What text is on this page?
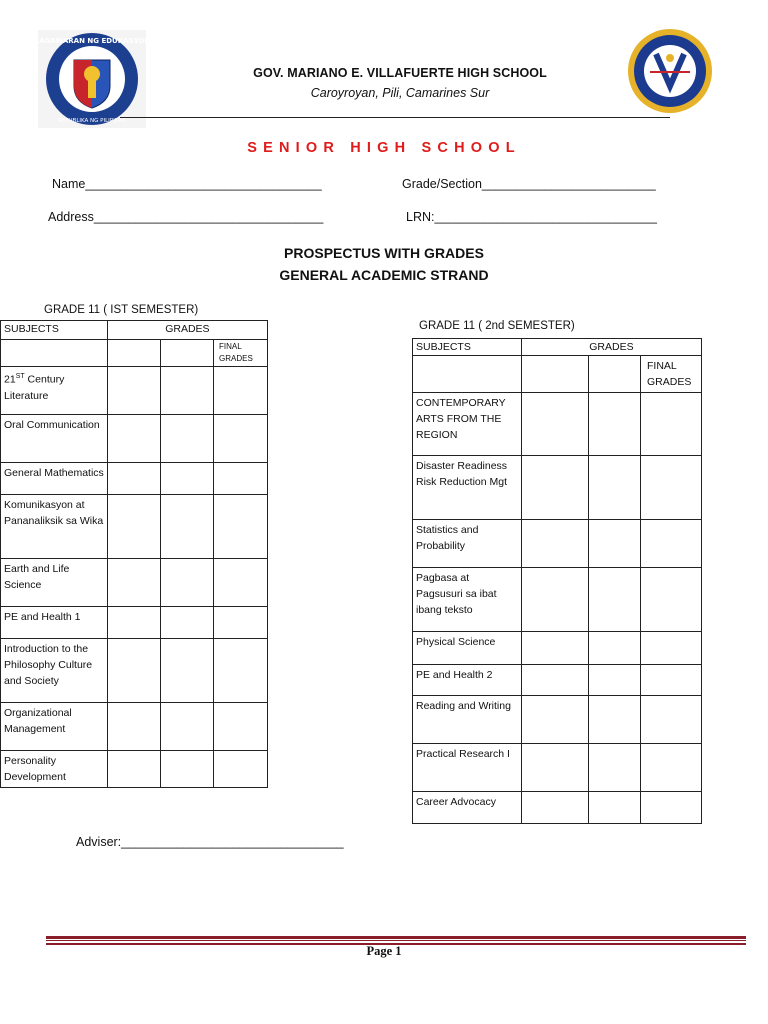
KAGAWARAN NG EDUKASYON
REPUBLIKA NG PILIPINAS
GOV. MARIANO E. VILLAFUERTE HIGH SCHOOL
Caroyroyan, Pili, Camarines Sur
SENIOR HIGH SCHOOL
Name__________________________________	Grade/Section_________________________
Address_________________________________	LRN:________________________________
PROSPECTUS WITH GRADES
GENERAL ACADEMIC STRAND
GRADE 11 ( IST SEMESTER)
SUBJECTS	GRADES		
			FINAL GRADES
21ST Century Literature			
Oral Communication			
General Mathematics			
Komunikasyon at Pananaliksik sa Wika			
Earth and Life Science			
PE and Health 1			
Introduction to the Philosophy Culture and Society			
Organizational Management			
Personality Development			
GRADE 11 ( 2nd SEMESTER)
SUBJECTS	GRADES		
			FINAL GRADES
CONTEMPORARY ARTS FROM THE REGION			
Disaster Readiness Risk Reduction Mgt			
Statistics and Probability			
Pagbasa at Pagsusuri sa ibat ibang teksto			
Physical Science			
PE and Health 2			
Reading and Writing			
Practical Research I			
Career Advocacy			
Adviser:________________________________
Page 1
